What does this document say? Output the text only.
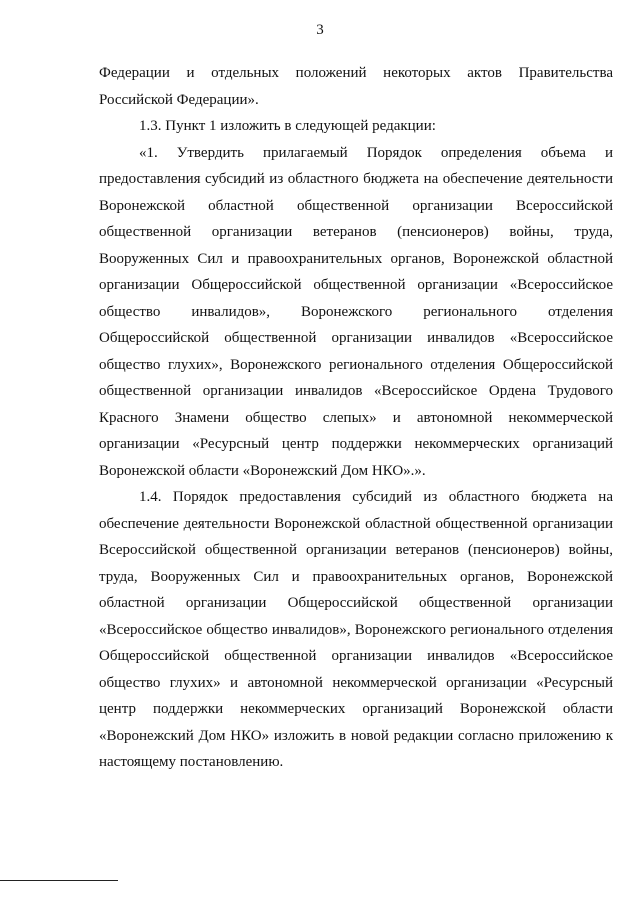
3

Федерации и отдельных положений некоторых актов Правительства Российской Федерации».

1.3. Пункт 1 изложить в следующей редакции:

«1. Утвердить прилагаемый Порядок определения объема и предоставления субсидий из областного бюджета на обеспечение деятельности Воронежской областной общественной организации Всероссийской общественной организации ветеранов (пенсионеров) войны, труда, Вооруженных Сил и правоохранительных органов, Воронежской областной организации Общероссийской общественной организации «Всероссийское общество инвалидов», Воронежского регионального отделения Общероссийской общественной организации инвалидов «Всероссийское общество глухих», Воронежского регионального отделения Общероссийской общественной организации инвалидов «Всероссийское Ордена Трудового Красного Знамени общество слепых» и автономной некоммерческой организации «Ресурсный центр поддержки некоммерческих организаций Воронежской области «Воронежский Дом НКО».».

1.4. Порядок предоставления субсидий из областного бюджета на обеспечение деятельности Воронежской областной общественной организации Всероссийской общественной организации ветеранов (пенсионеров) войны, труда, Вооруженных Сил и правоохранительных органов, Воронежской областной организации Общероссийской общественной организации «Всероссийское общество инвалидов», Воронежского регионального отделения Общероссийской общественной организации инвалидов «Всероссийское общество глухих» и автономной некоммерческой организации «Ресурсный центр поддержки некоммерческих организаций Воронежской области «Воронежский Дом НКО» изложить в новой редакции согласно приложению к настоящему постановлению.
